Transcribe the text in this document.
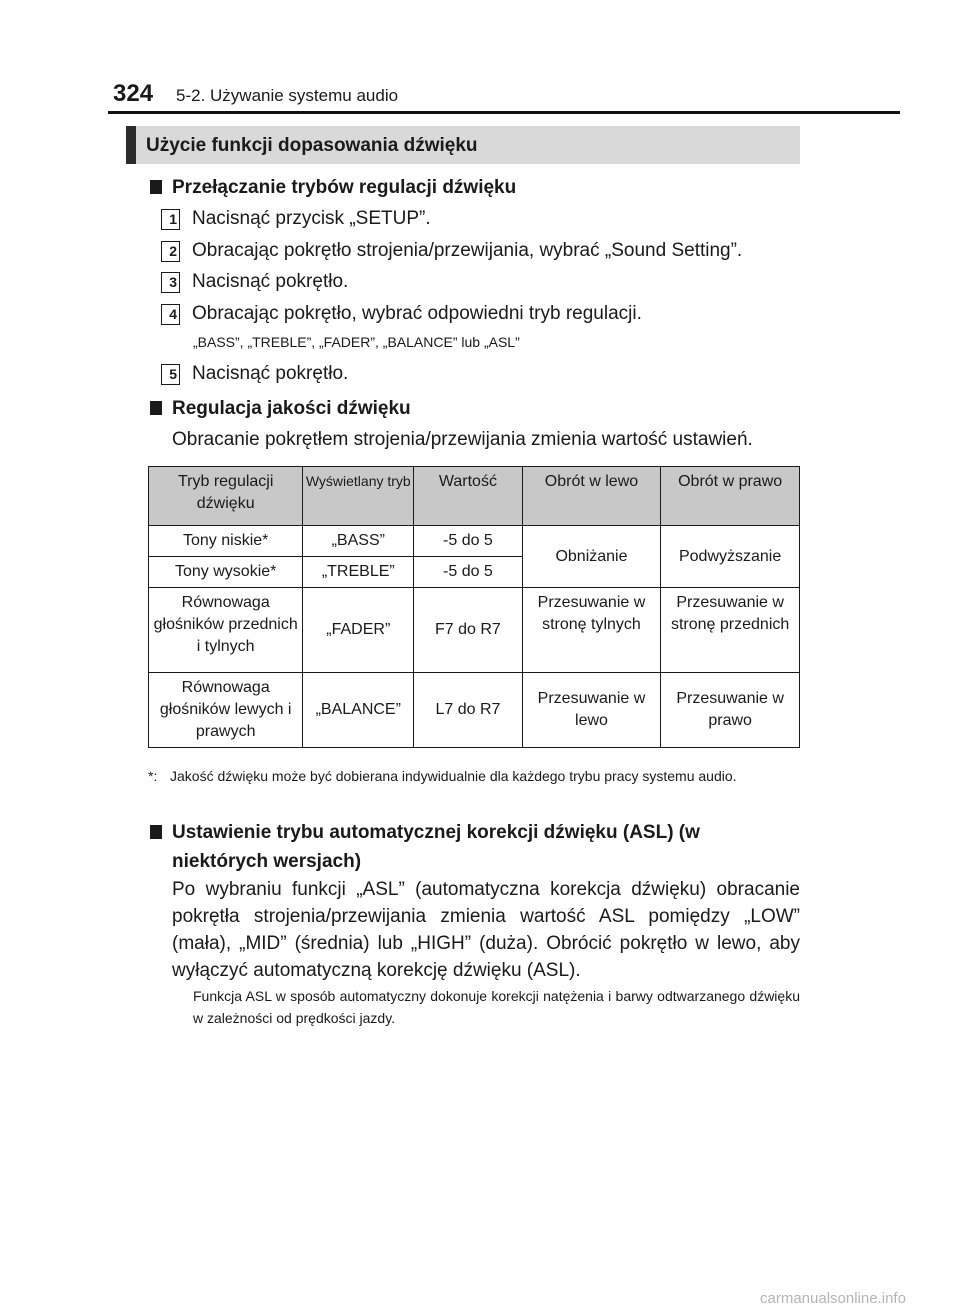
324 5-2. Używanie systemu audio
Użycie funkcji dopasowania dźwięku
Przełączanie trybów regulacji dźwięku
1 Nacisnąć przycisk „SETUP”.
2 Obracając pokrętło strojenia/przewijania, wybrać „Sound Setting”.
3 Nacisnąć pokrętło.
4 Obracając pokrętło, wybrać odpowiedni tryb regulacji.
„BASS”, „TREBLE”, „FADER”, „BALANCE” lub „ASL”
5 Nacisnąć pokrętło.
Regulacja jakości dźwięku
Obracanie pokrętłem strojenia/przewijania zmienia wartość ustawień.
Tryb regulacji dźwięku	Wyświetlany tryb	Wartość	Obrót w lewo	Obrót w prawo
Tony niskie*	„BASS”	-5 do 5	Obniżanie	Podwyższanie
Tony wysokie*	„TREBLE”	-5 do 5		
Równowaga głośników przednich i tylnych	„FADER”	F7 do R7	Przesuwanie w stronę tylnych	Przesuwanie w stronę przednich
Równowaga głośników lewych i prawych	„BALANCE”	L7 do R7	Przesuwanie w lewo	Przesuwanie w prawo
*: Jakość dźwięku może być dobierana indywidualnie dla każdego trybu pracy systemu audio.
Ustawienie trybu automatycznej korekcji dźwięku (ASL) (w niektórych wersjach)
Po wybraniu funkcji „ASL” (automatyczna korekcja dźwięku) obracanie pokrętła strojenia/przewijania zmienia wartość ASL pomiędzy „LOW” (mała), „MID” (średnia) lub „HIGH” (duża). Obrócić pokrętło w lewo, aby wyłączyć automatyczną korekcję dźwięku (ASL).
Funkcja ASL w sposób automatyczny dokonuje korekcji natężenia i barwy odtwarzanego dźwięku w zależności od prędkości jazdy.
carmanualsonline.info
